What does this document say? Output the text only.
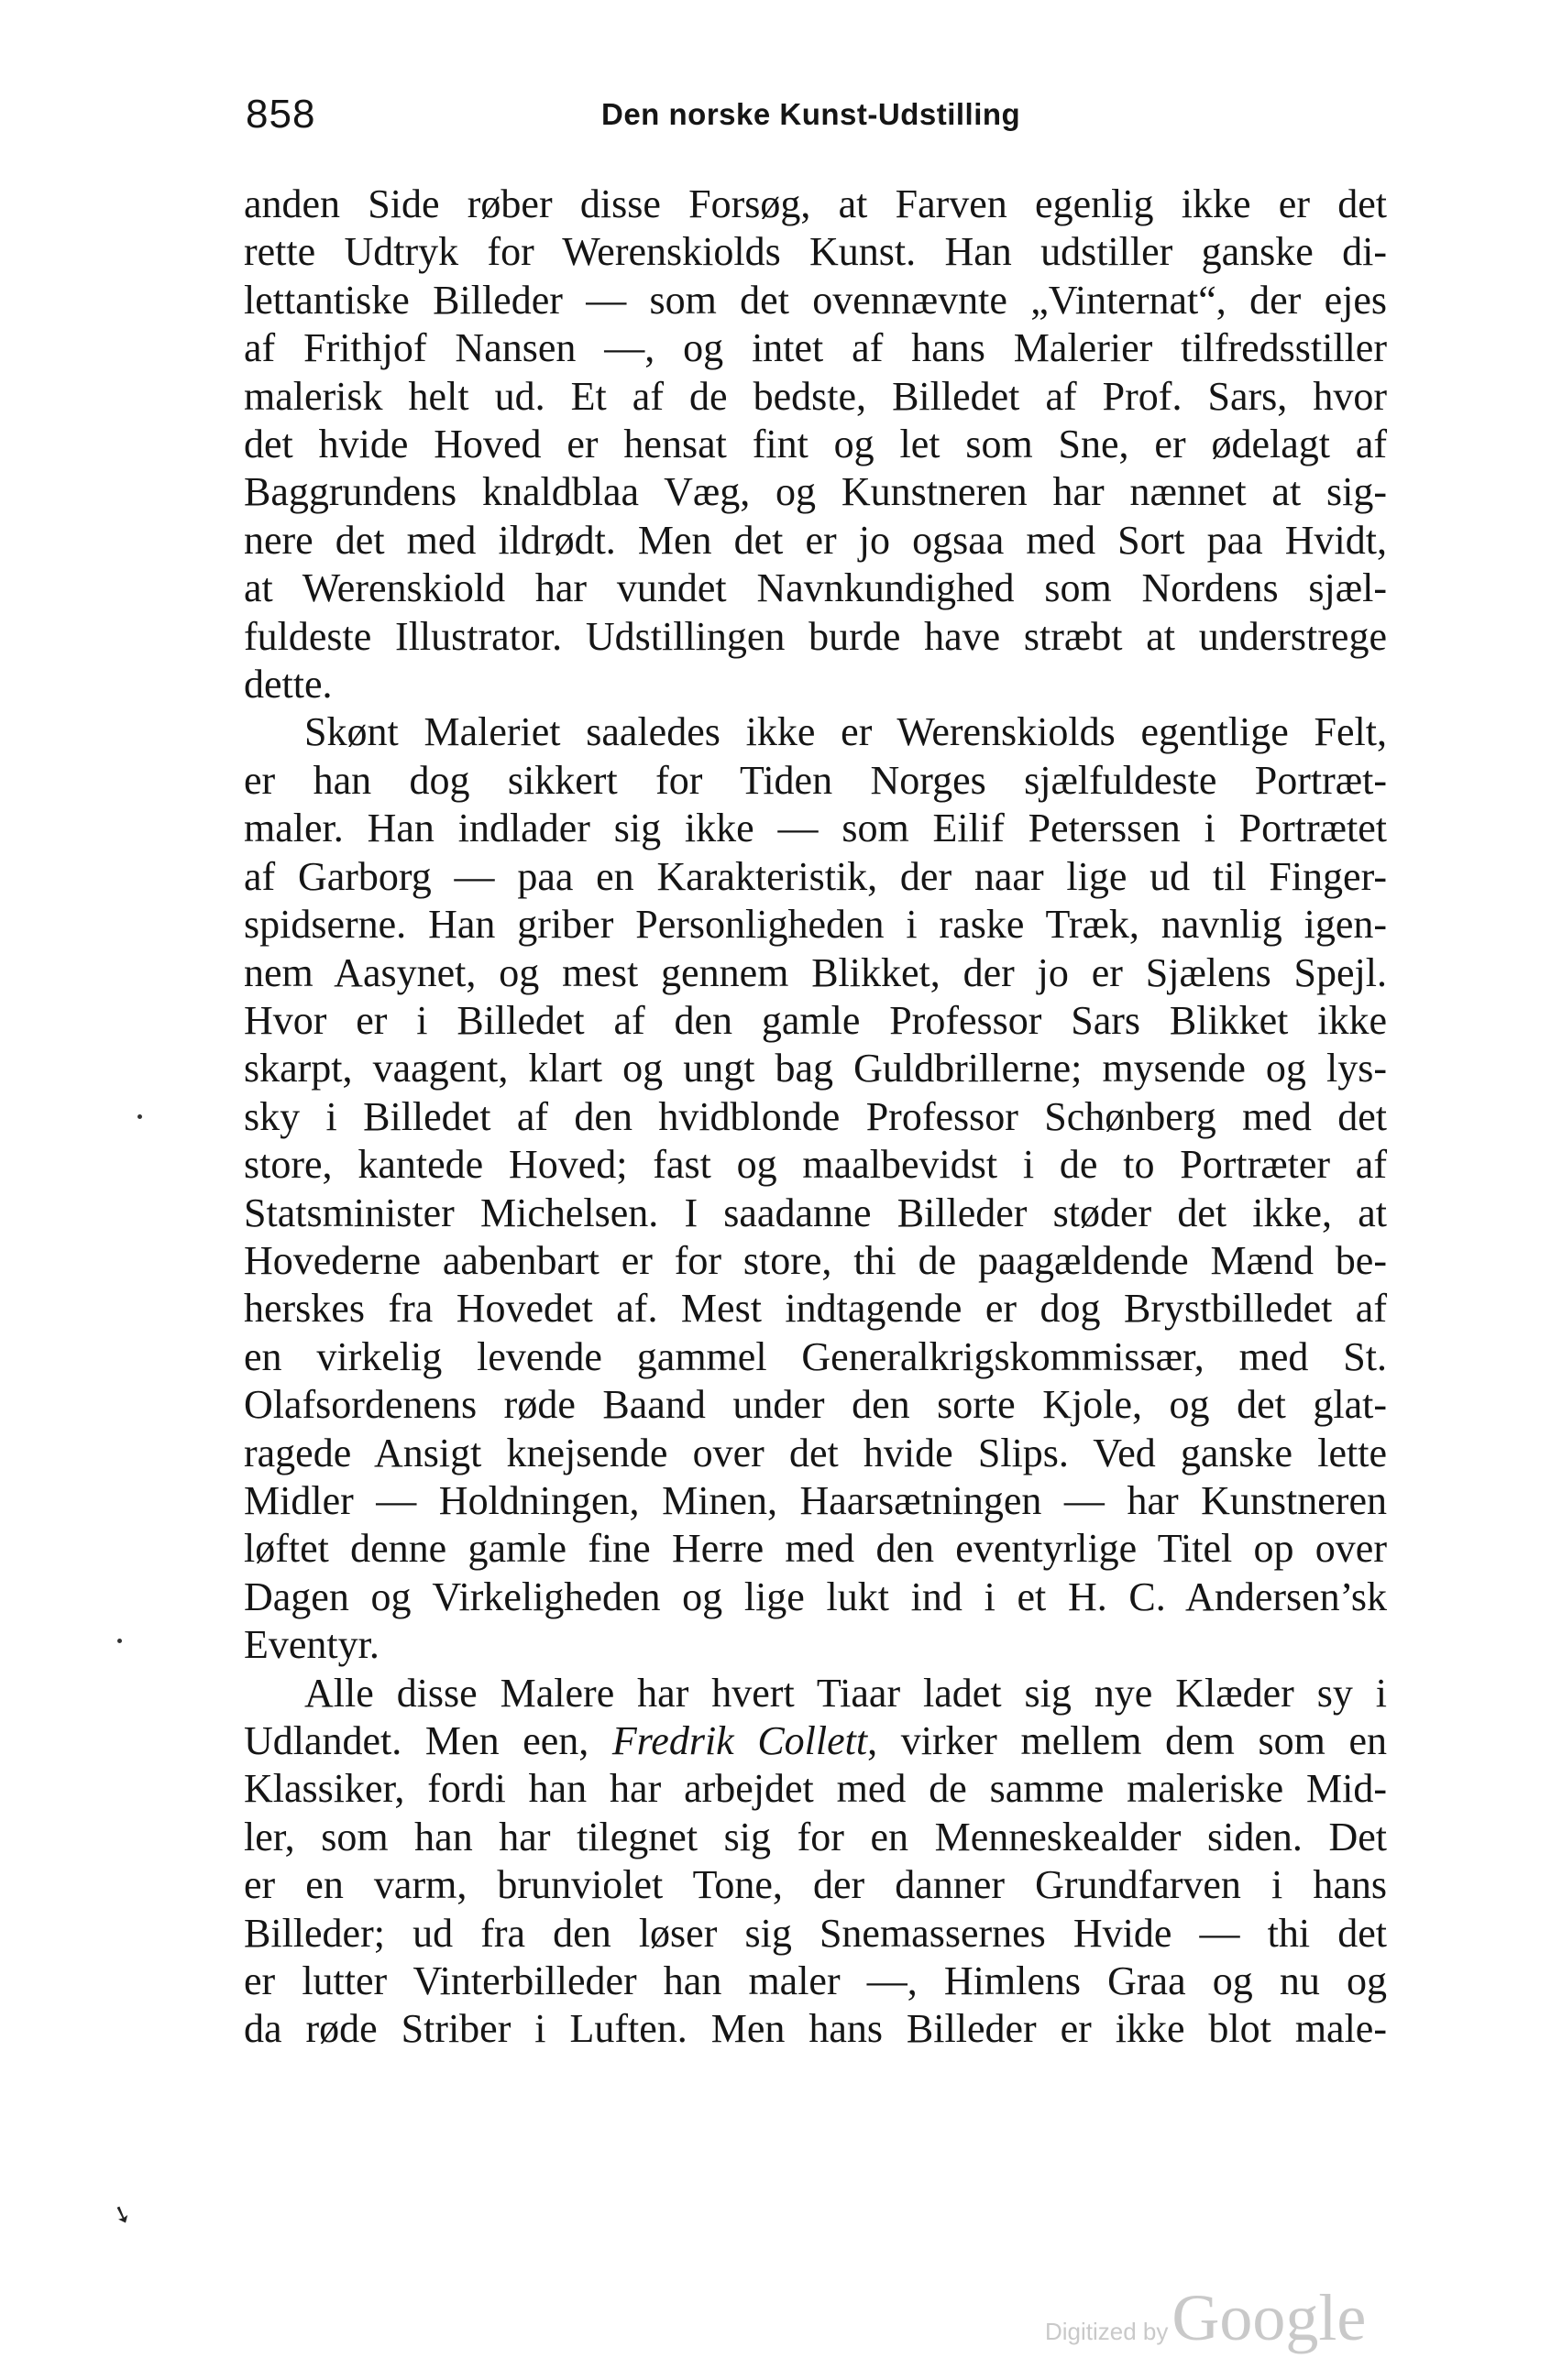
858	Den norske Kunst-Udstilling
anden Side røber disse Forsøg, at Farven egenlig ikke er det
rette Udtryk for Werenskiolds Kunst. Han udstiller ganske di-
lettantiske Billeder — som det ovennævnte „Vinternat“, der ejes
af Frithjof Nansen —, og intet af hans Malerier tilfredsstiller
malerisk helt ud. Et af de bedste, Billedet af Prof. Sars, hvor
det hvide Hoved er hensat fint og let som Sne, er ødelagt af
Baggrundens knaldblaa Væg, og Kunstneren har nænnet at sig-
nere det med ildrødt. Men det er jo ogsaa med Sort paa Hvidt,
at Werenskiold har vundet Navnkundighed som Nordens sjæl-
fuldeste Illustrator. Udstillingen burde have stræbt at understrege
dette.
Skønt Maleriet saaledes ikke er Werenskiolds egentlige Felt,
er han dog sikkert for Tiden Norges sjælfuldeste Portræt-
maler. Han indlader sig ikke — som Eilif Peterssen i Portrætet
af Garborg — paa en Karakteristik, der naar lige ud til Finger-
spidserne. Han griber Personligheden i raske Træk, navnlig igen-
nem Aasynet, og mest gennem Blikket, der jo er Sjælens Spejl.
Hvor er i Billedet af den gamle Professor Sars Blikket ikke
skarpt, vaagent, klart og ungt bag Guldbrillerne; mysende og lys-
sky i Billedet af den hvidblonde Professor Schønberg med det
store, kantede Hoved; fast og maalbevidst i de to Portræter af
Statsminister Michelsen. I saadanne Billeder støder det ikke, at
Hovederne aabenbart er for store, thi de paagældende Mænd be-
herskes fra Hovedet af. Mest indtagende er dog Brystbilledet af
en virkelig levende gammel Generalkrigskommissær, med St.
Olafsordenens røde Baand under den sorte Kjole, og det glat-
ragede Ansigt knejsende over det hvide Slips. Ved ganske lette
Midler — Holdningen, Minen, Haarsætningen — har Kunstneren
løftet denne gamle fine Herre med den eventyrlige Titel op over
Dagen og Virkeligheden og lige lukt ind i et H. C. Andersen’sk
Eventyr.
Alle disse Malere har hvert Tiaar ladet sig nye Klæder sy i
Udlandet. Men een, Fredrik Collett, virker mellem dem som en
Klassiker, fordi han har arbejdet med de samme maleriske Mid-
ler, som han har tilegnet sig for en Menneskealder siden. Det
er en varm, brunviolet Tone, der danner Grundfarven i hans
Billeder; ud fra den løser sig Snemassernes Hvide — thi det
er lutter Vinterbilleder han maler —, Himlens Graa og nu og
da røde Striber i Luften. Men hans Billeder er ikke blot male-
➘
Digitized by Google
